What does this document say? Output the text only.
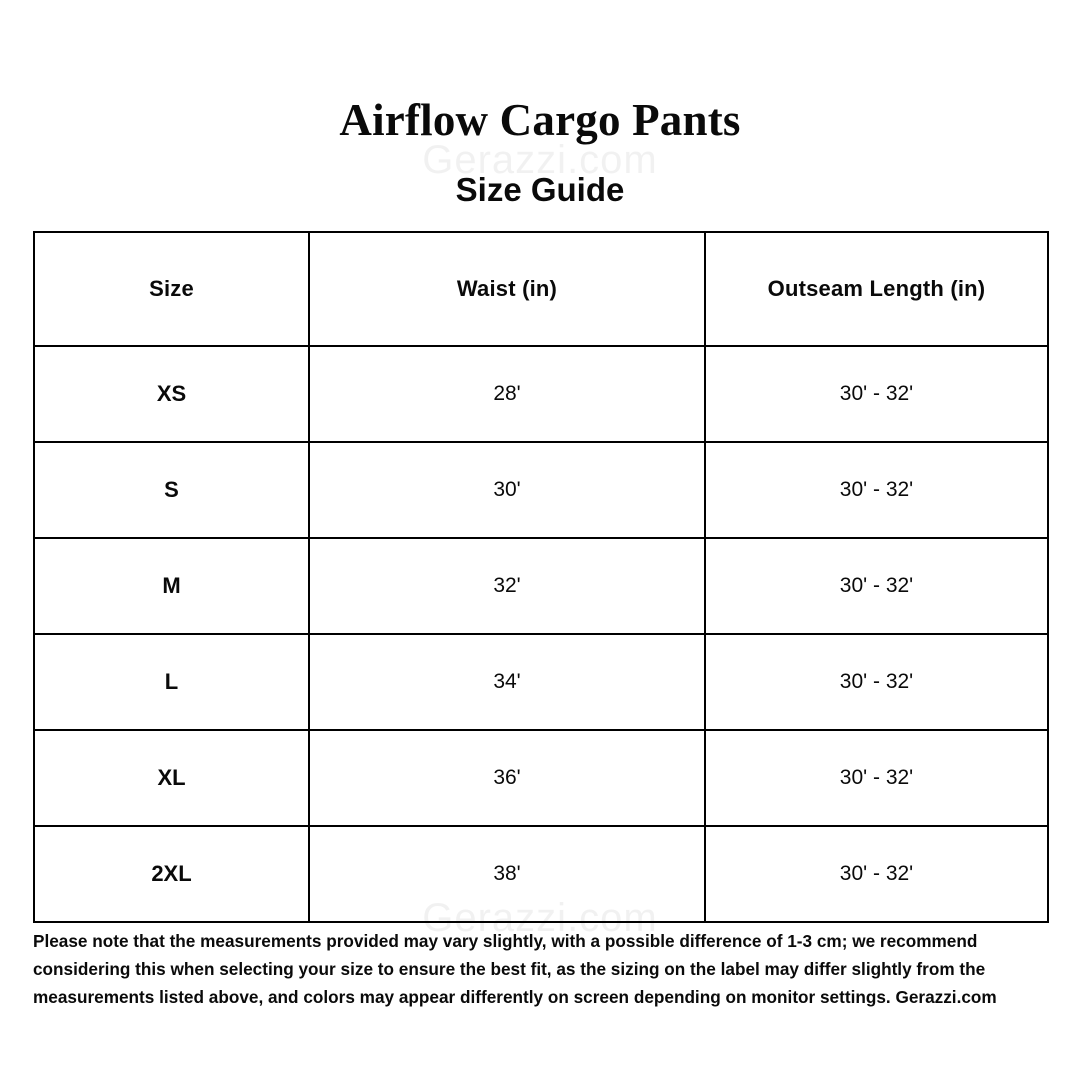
Gerazzi.com
Gerazzi.com
Airflow Cargo Pants
Size Guide
Size	Waist (in)	Outseam Length (in)
XS	28'	30' - 32'
S	30'	30' - 32'
M	32'	30' - 32'
L	34'	30' - 32'
XL	36'	30' - 32'
2XL	38'	30' - 32'
Please note that the measurements provided may vary slightly, with a possible difference of 1-3 cm; we recommend considering this when selecting your size to ensure the best fit, as the sizing on the label may differ slightly from the measurements listed above, and colors may appear differently on screen depending on monitor settings. Gerazzi.com
